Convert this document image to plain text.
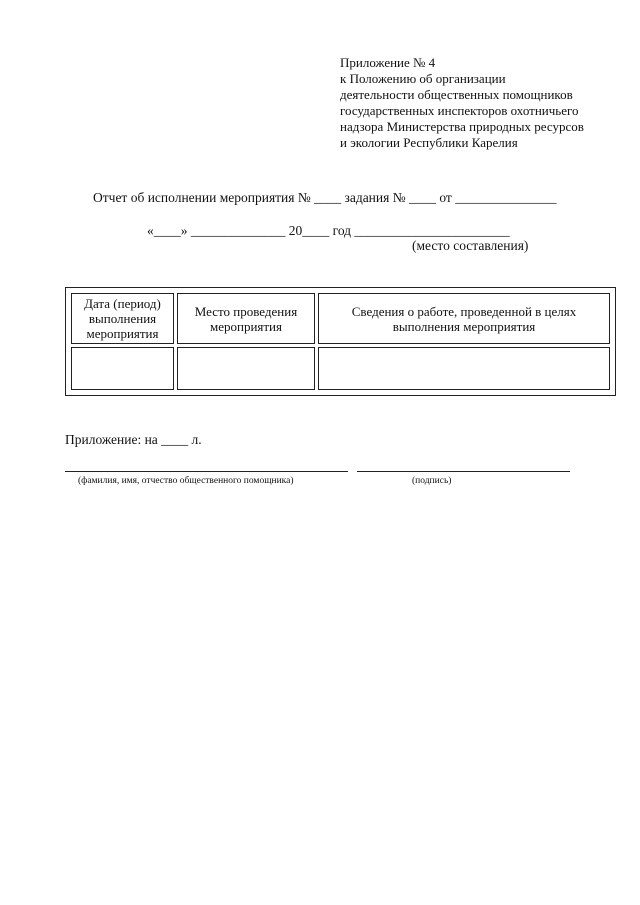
Приложение № 4
к Положению об организации
деятельности общественных помощников
государственных инспекторов охотничьего
надзора Министерства природных ресурсов
и экологии Республики Карелия
Отчет об исполнении мероприятия № ____ задания № ____ от _______________
«____» ______________ 20____ год _______________________
(место составления)
Дата (период) выполнения мероприятия	Место проведения мероприятия	Сведения о работе, проведенной в целях выполнения мероприятия

Приложение: на ____ л.
(фамилия, имя, отчество общественного помощника)	(подпись)
